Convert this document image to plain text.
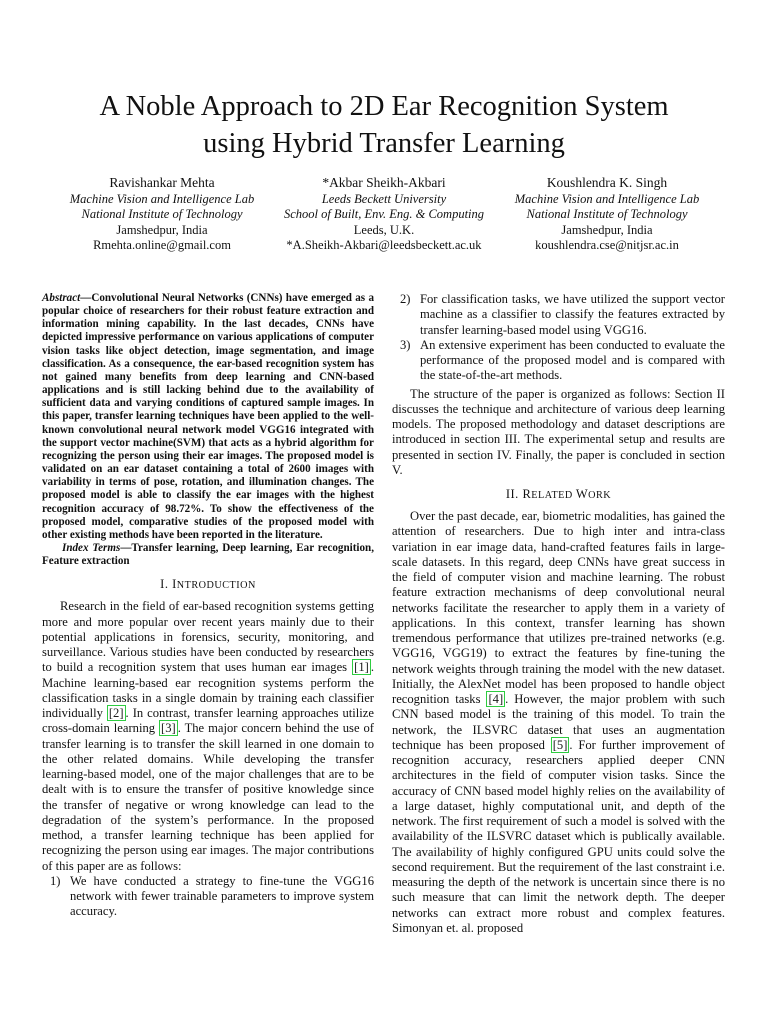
A Noble Approach to 2D Ear Recognition System
using Hybrid Transfer Learning
Ravishankar Mehta
Machine Vision and Intelligence Lab
National Institute of Technology
Jamshedpur, India
Rmehta.online@gmail.com
*Akbar Sheikh-Akbari
Leeds Beckett University
School of Built, Env. Eng. & Computing
Leeds, U.K.
*A.Sheikh-Akbari@leedsbeckett.ac.uk
Koushlendra K. Singh
Machine Vision and Intelligence Lab
National Institute of Technology
Jamshedpur, India
koushlendra.cse@nitjsr.ac.in

Abstract—Convolutional Neural Networks (CNNs) have emerged as a popular choice of researchers for their robust feature extraction and information mining capability. In the last decades, CNNs have depicted impressive performance on various applications of computer vision tasks like object detection, image segmentation, and image classification. As a consequence, the ear-based recognition system has not gained many benefits from deep learning and CNN-based applications and is still lacking behind due to the availability of sufficient data and varying conditions of captured sample images. In this paper, transfer learning techniques have been applied to the well-known convolutional neural network model VGG16 integrated with the support vector machine(SVM) that acts as a hybrid algorithm for recognizing the person using their ear images. The proposed model is validated on an ear dataset containing a total of 2600 images with variability in terms of pose, rotation, and illumination changes. The proposed model is able to classify the ear images with the highest recognition accuracy of 98.72%. To show the effectiveness of the proposed model, comparative studies of the proposed model with other existing methods have been reported in the literature.

Index Terms—Transfer learning, Deep learning, Ear recognition, Feature extraction

I. INTRODUCTION

Research in the field of ear-based recognition systems getting more and more popular over recent years mainly due to their potential applications in forensics, security, monitoring, and surveillance. Various studies have been conducted by researchers to build a recognition system that uses human ear images [1] . Machine learning-based ear recognition systems perform the classification tasks in a single domain by training each classifier individually [2] . In contrast, transfer learning approaches utilize cross-domain learning [3] . The major concern behind the use of transfer learning is to transfer the skill learned in one domain to the other related domains. While developing the transfer learning-based model, one of the major challenges that are to be dealt with is to ensure the transfer of positive knowledge since the transfer of negative or wrong knowledge can lead to the degradation of the system’s performance. In the proposed method, a transfer learning technique has been applied for recognizing the person using ear images. The major contributions of this paper are as follows:

1) We have conducted a strategy to fine-tune the VGG16 network with fewer trainable parameters to improve system accuracy.
2) For classification tasks, we have utilized the support vector machine as a classifier to classify the features extracted by transfer learning-based model using VGG16.
3) An extensive experiment has been conducted to evaluate the performance of the proposed model and is compared with the state-of-the-art methods.

The structure of the paper is organized as follows: Section II discusses the technique and architecture of various deep learning models. The proposed methodology and dataset descriptions are introduced in section III. The experimental setup and results are presented in section IV. Finally, the paper is concluded in section V.

II. RELATED WORK

Over the past decade, ear, biometric modalities, has gained the attention of researchers. Due to high inter and intra-class variation in ear image data, hand-crafted features fails in large-scale datasets. In this regard, deep CNNs have great success in the field of computer vision and machine learning. The robust feature extraction mechanisms of deep convolutional neural networks facilitate the researcher to apply them in a variety of applications. In this context, transfer learning has shown tremendous performance that utilizes pre-trained networks (e.g. VGG16, VGG19) to extract the features by fine-tuning the network weights through training the model with the new dataset. Initially, the AlexNet model has been proposed to handle object recognition tasks [4] . However, the major problem with such CNN based model is the training of this model. To train the network, the ILSVRC dataset that uses an augmentation technique has been proposed [5] . For further improvement of recognition accuracy, researchers applied deeper CNN architectures in the field of computer vision tasks. Since the accuracy of CNN based model highly relies on the availability of a large dataset, highly computational unit, and depth of the network. The first requirement of such a model is solved with the availability of the ILSVRC dataset which is publically available. The availability of highly configured GPU units could solve the second requirement. But the requirement of the last constraint i.e. measuring the depth of the network is uncertain since there is no such measure that can limit the network depth. The deeper networks can extract more robust and complex features. Simonyan et. al. proposed
